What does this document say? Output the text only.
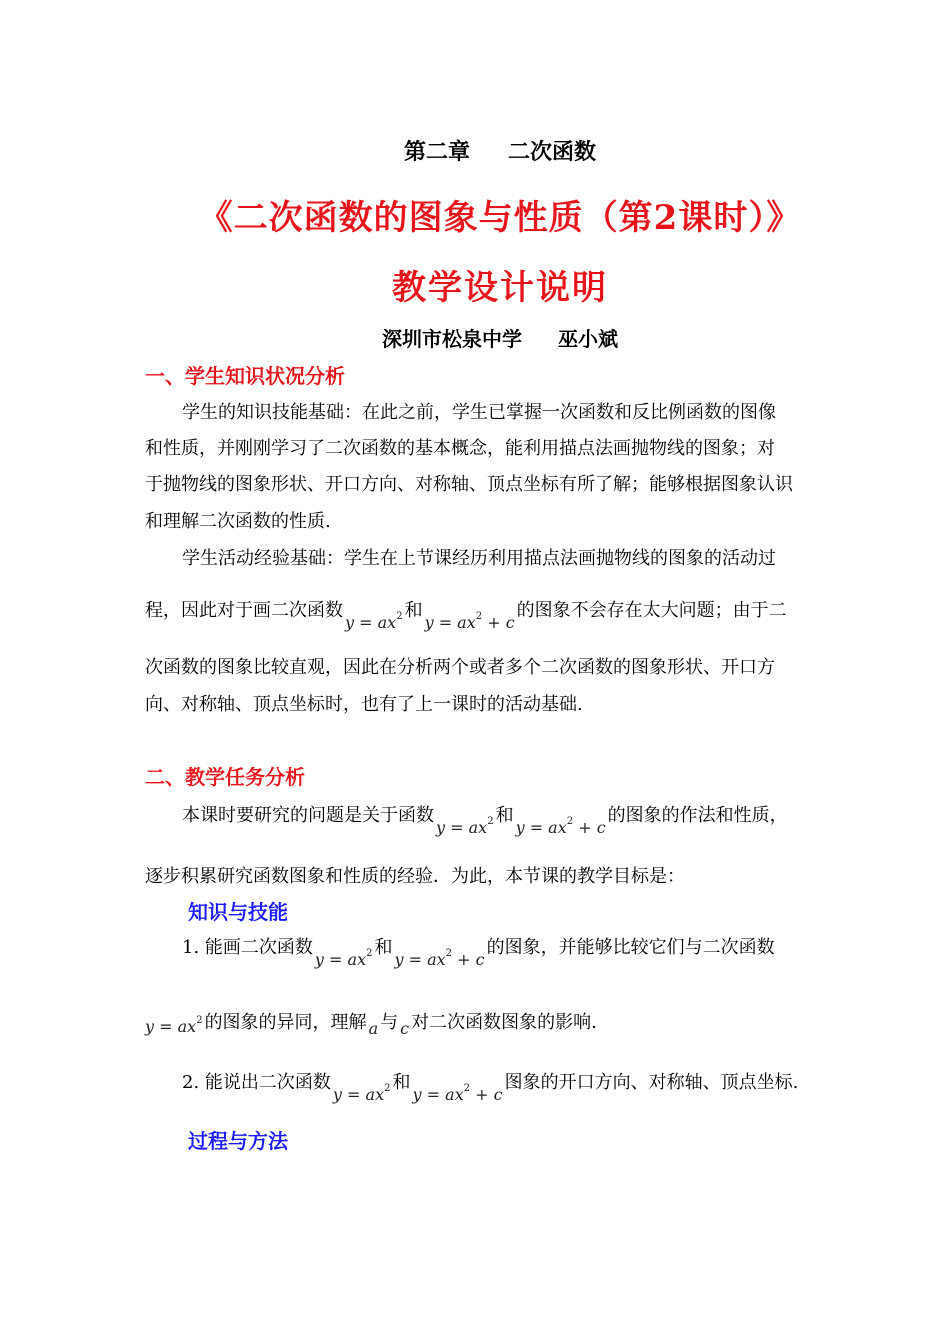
第二章 二次函数
《二次函数的图象与性质（第2课时）》
教学设计说明
深圳市松泉中学 巫小斌
一、学生知识状况分析
学生的知识技能基础：在此之前，学生已掌握一次函数和反比例函数的图像
和性质，并刚刚学习了二次函数的基本概念，能利用描点法画抛物线的图象；对
于抛物线的图象形状、开口方向、对称轴、顶点坐标有所了解；能够根据图象认识
和理解二次函数的性质.
学生活动经验基础：学生在上节课经历利用描点法画抛物线的图象的活动过
程，因此对于画二次函数$y = ax^2$ 和$y = ax^2 + c$的图象不会存在太大问题；由于二
次函数的图象比较直观，因此在分析两个或者多个二次函数的图象形状、开口方
向、对称轴、顶点坐标时，也有了上一课时的活动基础.
二、教学任务分析
本课时要研究的问题是关于函数$y = ax^2$ 和$y = ax^2 + c$的图象的作法和性质，
逐步积累研究函数图象和性质的经验．为此，本节课的教学目标是：
知识与技能
1. 能画二次函数$y = ax^2$ 和$y = ax^2 + c$的图象，并能够比较它们与二次函数
$y = ax^2$ 的图象的异同，理解 a 与 c 对二次函数图象的影响.
2. 能说出二次函数$y = ax^2$ 和$y = ax^2 + c$图象的开口方向、对称轴、顶点坐标.
过程与方法
